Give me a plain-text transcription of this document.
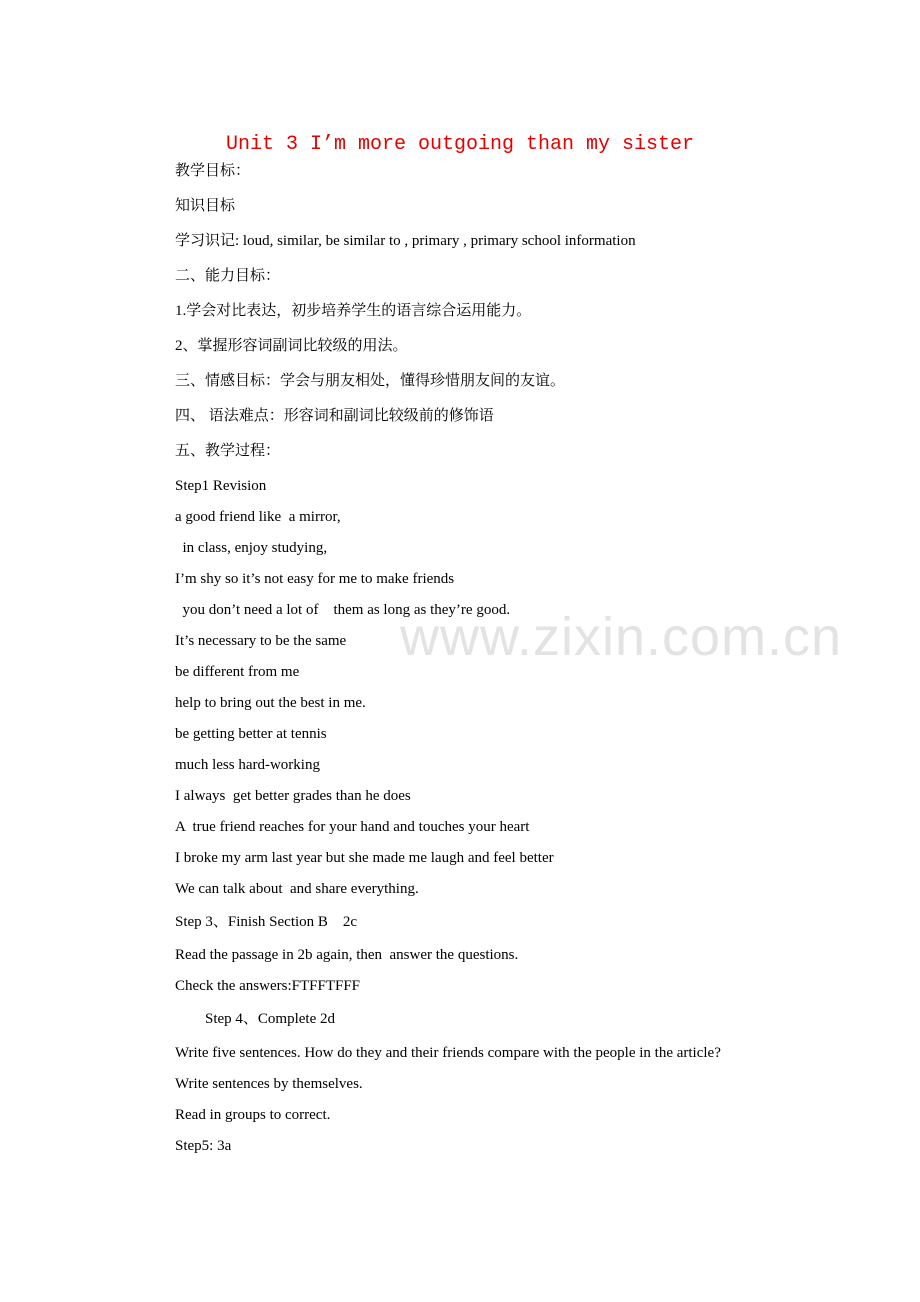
Unit 3 I’m more outgoing than my sister
教学目标：
知识目标
学习识记: loud, similar, be similar to , primary , primary school information
二、能力目标：
1.学会对比表达，初步培养学生的语言综合运用能力。
2、掌握形容词副词比较级的用法。
三、情感目标：学会与朋友相处，懂得珍惜朋友间的友谊。
四、 语法难点：形容词和副词比较级前的修饰语
五、教学过程：
Step1 Revision
a good friend like  a mirror,
in class, enjoy studying,
I’m shy so it’s not easy for me to make friends
you don’t need a lot of    them as long as they’re good.
It’s necessary to be the same
be different from me
help to bring out the best in me.
be getting better at tennis
much less hard-working
I always  get better grades than he does
A  true friend reaches for your hand and touches your heart
I broke my arm last year but she made me laugh and feel better
We can talk about  and share everything.
Step 3、Finish Section B    2c
Read the passage in 2b again, then  answer the questions.
Check the answers:FTFFTFFF
Step 4、Complete 2d
Write five sentences. How do they and their friends compare with the people in the article?
Write sentences by themselves.
Read in groups to correct.
Step5: 3a
www.zixin.com.cn
